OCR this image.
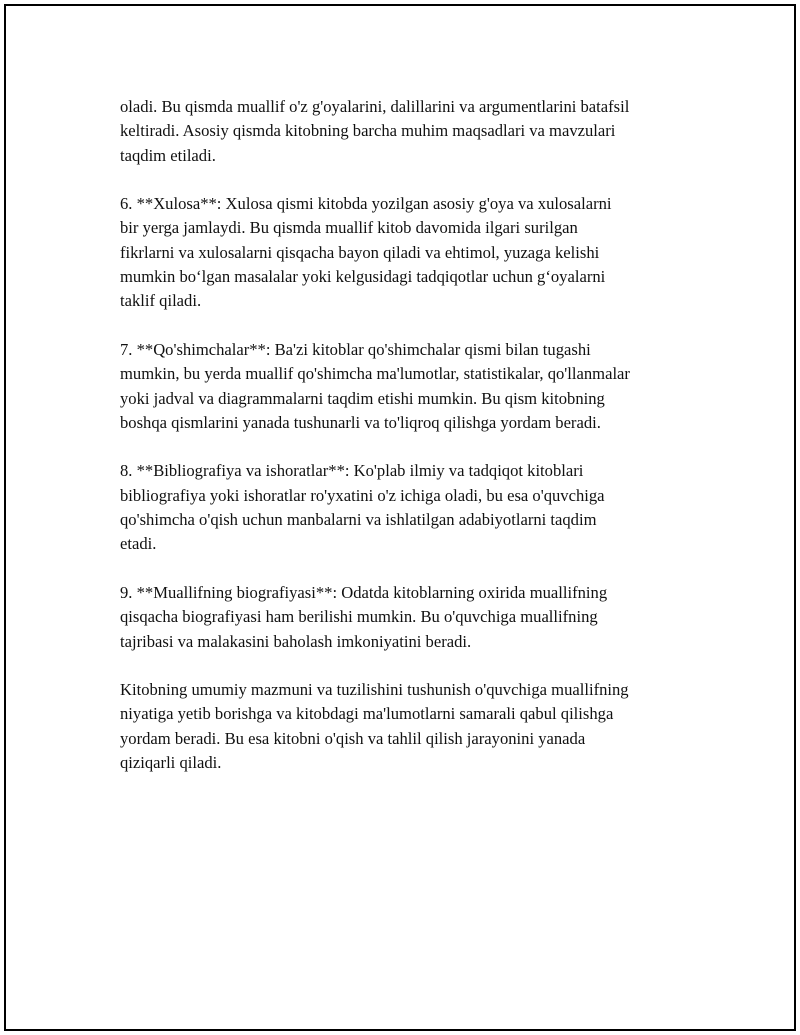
oladi. Bu qismda muallif o'z g'oyalarini, dalillarini va argumentlarini batafsil
keltiradi. Asosiy qismda kitobning barcha muhim maqsadlari va mavzulari
taqdim etiladi.

6. **Xulosa**: Xulosa qismi kitobda yozilgan asosiy g'oya va xulosalarni
bir yerga jamlaydi. Bu qismda muallif kitob davomida ilgari surilgan
fikrlarni va xulosalarni qisqacha bayon qiladi va ehtimol, yuzaga kelishi
mumkin bo‘lgan masalalar yoki kelgusidagi tadqiqotlar uchun g‘oyalarni
taklif qiladi.

7. **Qo'shimchalar**: Ba'zi kitoblar qo'shimchalar qismi bilan tugashi
mumkin, bu yerda muallif qo'shimcha ma'lumotlar, statistikalar, qo'llanmalar
yoki jadval va diagrammalarni taqdim etishi mumkin. Bu qism kitobning
boshqa qismlarini yanada tushunarli va to'liqroq qilishga yordam beradi.

8. **Bibliografiya va ishoratlar**: Ko'plab ilmiy va tadqiqot kitoblari
bibliografiya yoki ishoratlar ro'yxatini o'z ichiga oladi, bu esa o'quvchiga
qo'shimcha o'qish uchun manbalarni va ishlatilgan adabiyotlarni taqdim
etadi.

9. **Muallifning biografiyasi**: Odatda kitoblarning oxirida muallifning
qisqacha biografiyasi ham berilishi mumkin. Bu o'quvchiga muallifning
tajribasi va malakasini baholash imkoniyatini beradi.

Kitobning umumiy mazmuni va tuzilishini tushunish o'quvchiga muallifning
niyatiga yetib borishga va kitobdagi ma'lumotlarni samarali qabul qilishga
yordam beradi. Bu esa kitobni o'qish va tahlil qilish jarayonini yanada
qiziqarli qiladi.
